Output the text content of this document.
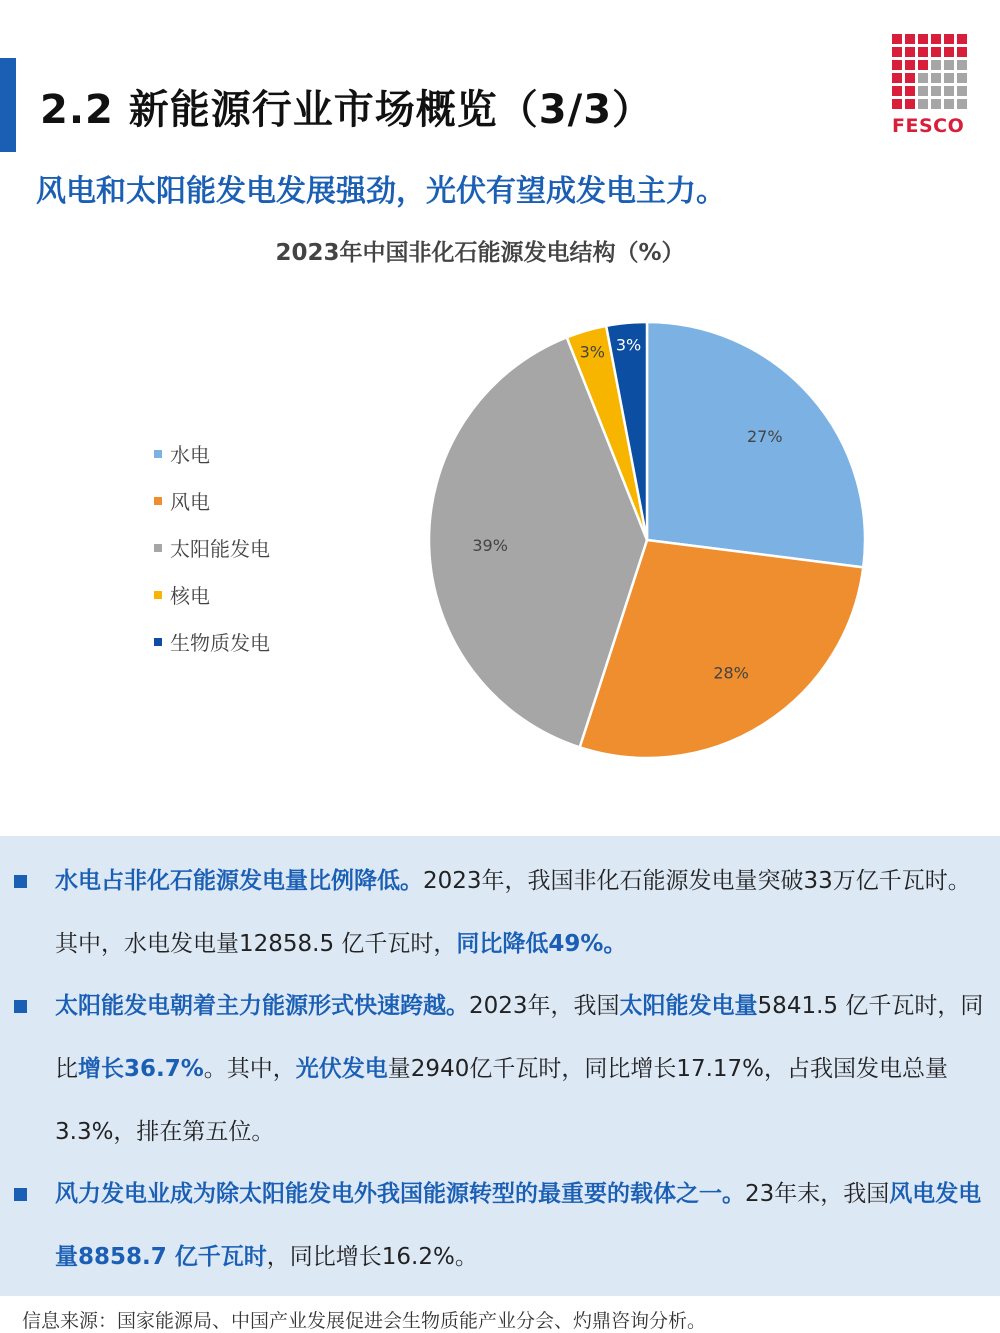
2.2 新能源行业市场概览（3/3）	FESCO
风电和太阳能发电发展强劲，光伏有望成发电主力。
2023年中国非化石能源发电结构（%）
水电
风电
太阳能发电
核电
生物质发电
27%
28%
39%
3% 3%

水电占非化石能源发电量比例降低。2023年，我国非化石能源发电量突破33万亿千瓦时。其中，水电发电量12858.5 亿千瓦时，同比降低49%。

太阳能发电朝着主力能源形式快速跨越。2023年，我国太阳能发电量5841.5 亿千瓦时，同比增长36.7%。其中，光伏发电量2940亿千瓦时，同比增长17.17%，占我国发电总量3.3%，排在第五位。

风力发电业成为除太阳能发电外我国能源转型的最重要的载体之一。23年末，我国风电发电量8858.7 亿千瓦时，同比增长16.2%。

信息来源：国家能源局、中国产业发展促进会生物质能产业分会、灼鼎咨询分析。
